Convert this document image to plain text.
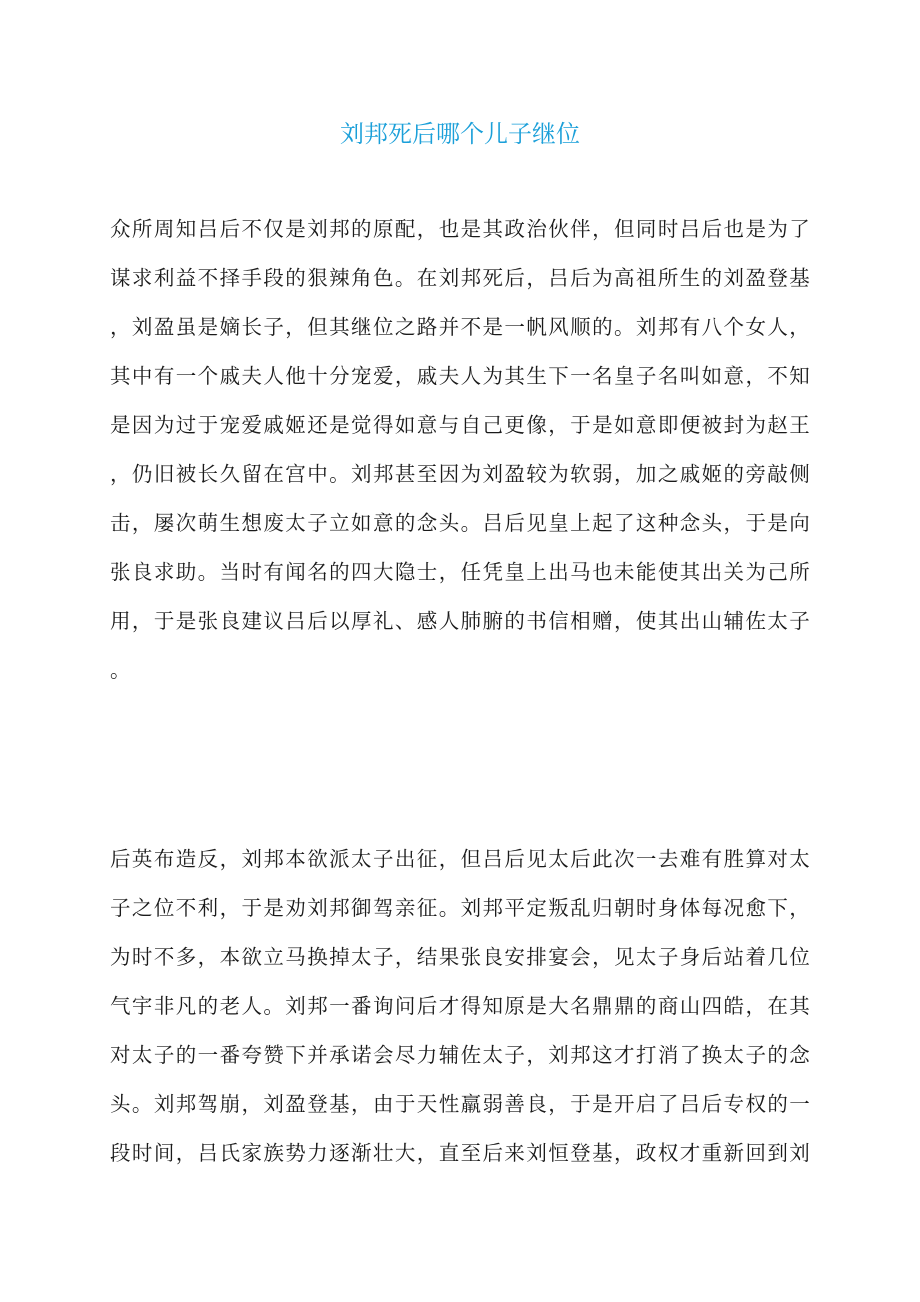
刘邦死后哪个儿子继位
众所周知吕后不仅是刘邦的原配，也是其政治伙伴，但同时吕后也是为了
谋求利益不择手段的狠辣角色。在刘邦死后，吕后为高祖所生的刘盈登基
，刘盈虽是嫡长子，但其继位之路并不是一帆风顺的。刘邦有八个女人，
其中有一个戚夫人他十分宠爱，戚夫人为其生下一名皇子名叫如意，不知
是因为过于宠爱戚姬还是觉得如意与自己更像，于是如意即便被封为赵王
，仍旧被长久留在宫中。刘邦甚至因为刘盈较为软弱，加之戚姬的旁敲侧
击，屡次萌生想废太子立如意的念头。吕后见皇上起了这种念头，于是向
张良求助。当时有闻名的四大隐士，任凭皇上出马也未能使其出关为己所
用，于是张良建议吕后以厚礼、感人肺腑的书信相赠，使其出山辅佐太子
。
后英布造反，刘邦本欲派太子出征，但吕后见太后此次一去难有胜算对太
子之位不利，于是劝刘邦御驾亲征。刘邦平定叛乱归朝时身体每况愈下，
为时不多，本欲立马换掉太子，结果张良安排宴会，见太子身后站着几位
气宇非凡的老人。刘邦一番询问后才得知原是大名鼎鼎的商山四皓，在其
对太子的一番夸赞下并承诺会尽力辅佐太子，刘邦这才打消了换太子的念
头。刘邦驾崩，刘盈登基，由于天性羸弱善良，于是开启了吕后专权的一
段时间，吕氏家族势力逐渐壮大，直至后来刘恒登基，政权才重新回到刘
